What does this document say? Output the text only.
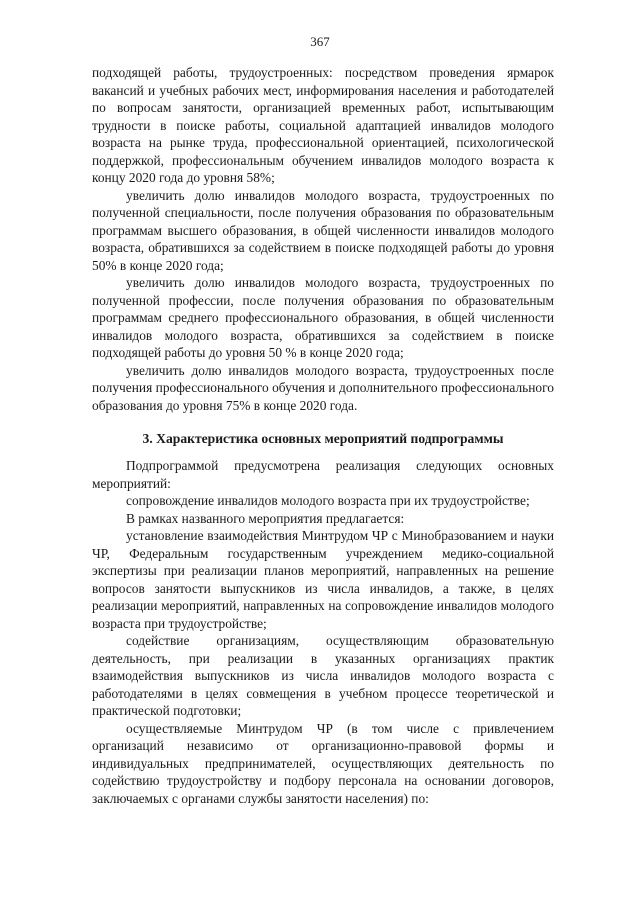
367

подходящей работы, трудоустроенных: посредством проведения ярмарок вакансий и учебных рабочих мест, информирования населения и работодателей по вопросам занятости, организацией временных работ, испытывающим трудности в поиске работы, социальной адаптацией инвалидов молодого возраста на рынке труда, профессиональной ориентацией, психологической поддержкой, профессиональным обучением инвалидов молодого возраста к концу 2020 года до уровня 58%;

увеличить долю инвалидов молодого возраста, трудоустроенных по полученной специальности, после получения образования по образовательным программам высшего образования, в общей численности инвалидов молодого возраста, обратившихся за содействием в поиске подходящей работы до уровня 50% в конце 2020 года;

увеличить долю инвалидов молодого возраста, трудоустроенных по полученной профессии, после получения образования по образовательным программам среднего профессионального образования, в общей численности инвалидов молодого возраста, обратившихся за содействием в поиске подходящей работы до уровня 50 % в конце 2020 года;

увеличить долю инвалидов молодого возраста, трудоустроенных после получения профессионального обучения и дополнительного профессионального образования до уровня 75% в конце 2020 года.

3. Характеристика основных мероприятий подпрограммы

Подпрограммой предусмотрена реализация следующих основных мероприятий:

сопровождение инвалидов молодого возраста при их трудоустройстве;

В рамках названного мероприятия предлагается:

установление взаимодействия Минтрудом ЧР с Минобразованием и науки ЧР, Федеральным государственным учреждением медико-социальной экспертизы при реализации планов мероприятий, направленных на решение вопросов занятости выпускников из числа инвалидов, а также, в целях реализации мероприятий, направленных на сопровождение инвалидов молодого возраста при трудоустройстве;

содействие организациям, осуществляющим образовательную деятельность, при реализации в указанных организациях практик взаимодействия выпускников из числа инвалидов молодого возраста с работодателями в целях совмещения в учебном процессе теоретической и практической подготовки;

осуществляемые Минтрудом ЧР (в том числе с привлечением организаций независимо от организационно-правовой формы и индивидуальных предпринимателей, осуществляющих деятельность по содействию трудоустройству и подбору персонала на основании договоров, заключаемых с органами службы занятости населения) по:
